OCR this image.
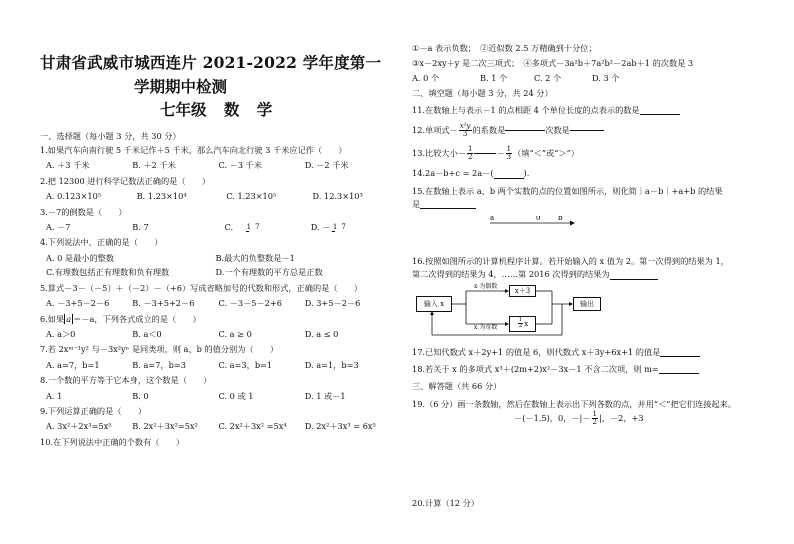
甘肃省武威市城西连片 2021-2022 学年度第一
学期期中检测
七年级 数 学
一、选择题（每小题 3 分，共 30 分）
1.如果汽车向南行驶 5 千米记作＋5 千米，那么汽车向北行驶 3 千米应记作（　　）
A. ＋3 千米	B. ＋2 千米	C. －3 千米	D. －2 千米
2.把 12300 进行科学记数法正确的是（　　）
A. 0.123×10⁵	B. 1.23×10⁴	C. 1.23×10⁵	D. 12.3×10³
3.－7的倒数是（　　）
A. －7	B. 7	C. 1 7	D. － 1 7
4.下列说法中，正确的是（　　）
A. 0 是最小的整数	B.最大的负整数是－1
C.有理数包括正有理数和负有理数	D.一个有理数的平方总是正数
5.算式－3－（－5）＋（－2）－（+6）写成省略加号的代数和形式，正确的是（　　）
A. －3+5－2－6	B. －3+5+2－6	C. －3－5－2+6	D. 3+5－2－6
6.如果 a ＝－a，下列各式成立的是（　　）
A. a＞0	B. a＜0	C. a ≥ 0	D. a ≤ 0
7.若 2xᵐ⁻¹y² 与－3x²yⁿ 是同类项，则 a、b 的值分别为（　　）
A. a=7，b=1	B. a=7，b=3	C. a=3，b=1	D. a=1，b=3
8.一个数的平方等于它本身，这个数是（　　）
A. 1	B. 0	C. 0 或 1	D. 1 或－1
9.下列运算正确的是（　　）
A. 3x²＋2x³=5x⁵	B. 2x²＋3x²=5x²	C. 2x²＋3x² =5x⁴	D. 2x²＋3x³ = 6x⁵
10.在下列说法中正确的个数有（　　）
①－a 表示负数；　②近似数 2.5 万精确到十分位；
③x－2xy＋y 是二次三项式；　④多项式－3a²b＋7a²b²－2ab＋1 的次数是 3
A. 0 个	B. 1 个	C. 2 个	D. 3 个
二、填空题（每小题 3 分，共 24 分）
11.在数轴上与表示－1 的点相距 4 个单位长度的点表示的数是
12.单项式－ $\frac{\text{x²y}}{3}$ 的系数是	次数是
13.比较大小－ $\frac{1}{2}$	－ $\frac{1}{3}$ （填“＜”或“＞”）
14.2a－b+c = 2a－(	).
15.在数轴上表示 a、b 两个实数的点的位置如图所示，则化简｜a－b｜+a+b 的结果
是
a	0	b
16.按照如图所示的计算机程序计算。若开始输入的 x 值为 2。第一次得到的结果为 1，
第二次得到的结果为 4，……第 2016 次得到的结果为
输入 x
x 为偶数
x 为奇数
x＋3
$\frac{1}{2}$ x
输出
17.已知代数式 x＋2y+1 的值是 6，则代数式 x＋3y+6x+1 的值是
18.若关于 x 的多项式 x³＋(2m+2)x²－3x－1 不含二次项，则 m=
三、解答题（共 66 分）
19.（6 分）画一条数轴，然后在数轴上表示出下列各数的点，并用“＜”把它们连接起来。
－(－1.5)，0，－|－ $\frac{1}{2}$ |，－2，+3
20.计算（12 分）
